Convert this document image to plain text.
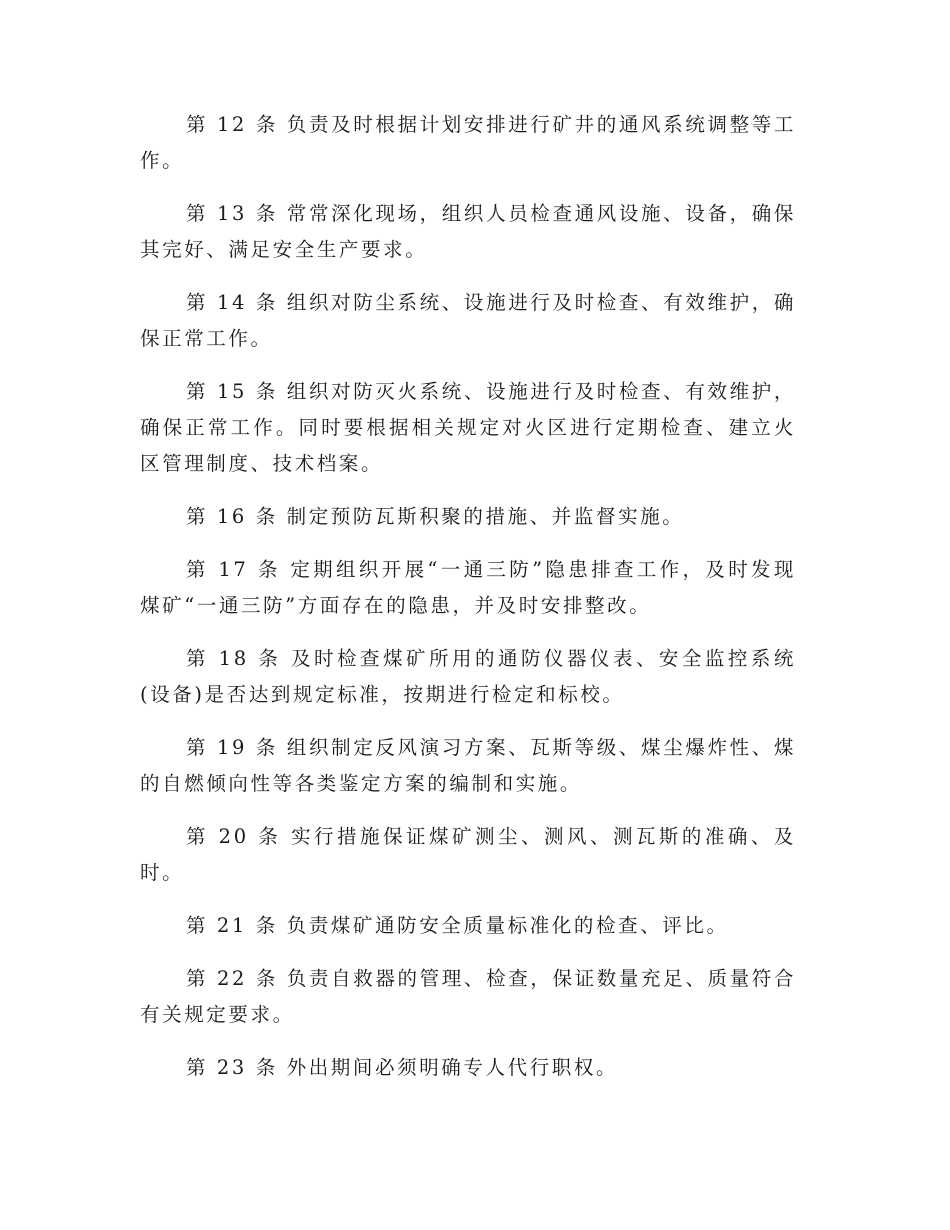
第 12 条 负责及时根据计划安排进行矿井的通风系统调整等工作。

第 13 条 常常深化现场，组织人员检查通风设施、设备，确保其完好、满足安全生产要求。

第 14 条 组织对防尘系统、设施进行及时检查、有效维护，确保正常工作。

第 15 条 组织对防灭火系统、设施进行及时检查、有效维护，确保正常工作。同时要根据相关规定对火区进行定期检查、建立火区管理制度、技术档案。

第 16 条 制定预防瓦斯积聚的措施、并监督实施。

第 17 条 定期组织开展“一通三防”隐患排查工作，及时发现煤矿“一通三防”方面存在的隐患，并及时安排整改。

第 18 条 及时检查煤矿所用的通防仪器仪表、安全监控系统(设备)是否达到规定标准，按期进行检定和标校。

第 19 条 组织制定反风演习方案、瓦斯等级、煤尘爆炸性、煤的自燃倾向性等各类鉴定方案的编制和实施。

第 20 条 实行措施保证煤矿测尘、测风、测瓦斯的准确、及时。

第 21 条 负责煤矿通防安全质量标准化的检查、评比。

第 22 条 负责自救器的管理、检查，保证数量充足、质量符合有关规定要求。

第 23 条 外出期间必须明确专人代行职权。
